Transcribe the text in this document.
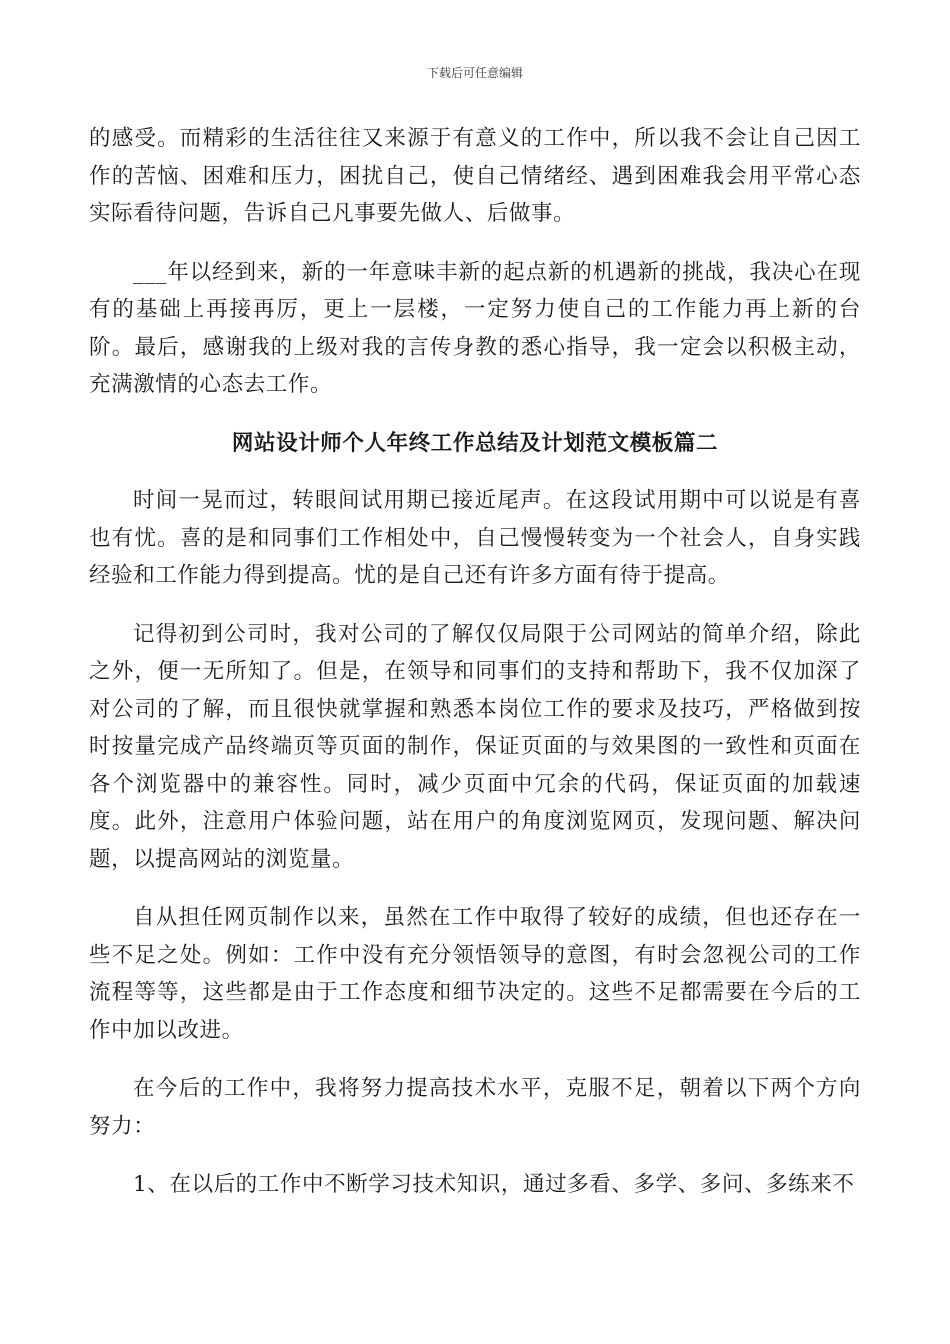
下载后可任意编辑

的感受。而精彩的生活往往又来源于有意义的工作中，所以我不会让自己因工作的苦恼、困难和压力，困扰自己，使自己情绪经、遇到困难我会用平常心态实际看待问题，告诉自己凡事要先做人、后做事。

___年以经到来，新的一年意味丰新的起点新的机遇新的挑战，我决心在现有的基础上再接再厉，更上一层楼，一定努力使自己的工作能力再上新的台阶。最后，感谢我的上级对我的言传身教的悉心指导，我一定会以积极主动，充满激情的心态去工作。

网站设计师个人年终工作总结及计划范文模板篇二

时间一晃而过，转眼间试用期已接近尾声。在这段试用期中可以说是有喜也有忧。喜的是和同事们工作相处中，自己慢慢转变为一个社会人，自身实践经验和工作能力得到提高。忧的是自己还有许多方面有待于提高。

记得初到公司时，我对公司的了解仅仅局限于公司网站的简单介绍，除此之外，便一无所知了。但是，在领导和同事们的支持和帮助下，我不仅加深了对公司的了解，而且很快就掌握和熟悉本岗位工作的要求及技巧，严格做到按时按量完成产品终端页等页面的制作，保证页面的与效果图的一致性和页面在各个浏览器中的兼容性。同时，减少页面中冗余的代码，保证页面的加载速度。此外，注意用户体验问题，站在用户的角度浏览网页，发现问题、解决问题，以提高网站的浏览量。

自从担任网页制作以来，虽然在工作中取得了较好的成绩，但也还存在一些不足之处。例如：工作中没有充分领悟领导的意图，有时会忽视公司的工作流程等等，这些都是由于工作态度和细节决定的。这些不足都需要在今后的工作中加以改进。

在今后的工作中，我将努力提高技术水平，克服不足，朝着以下两个方向努力：

1、在以后的工作中不断学习技术知识，通过多看、多学、多问、多练来不
